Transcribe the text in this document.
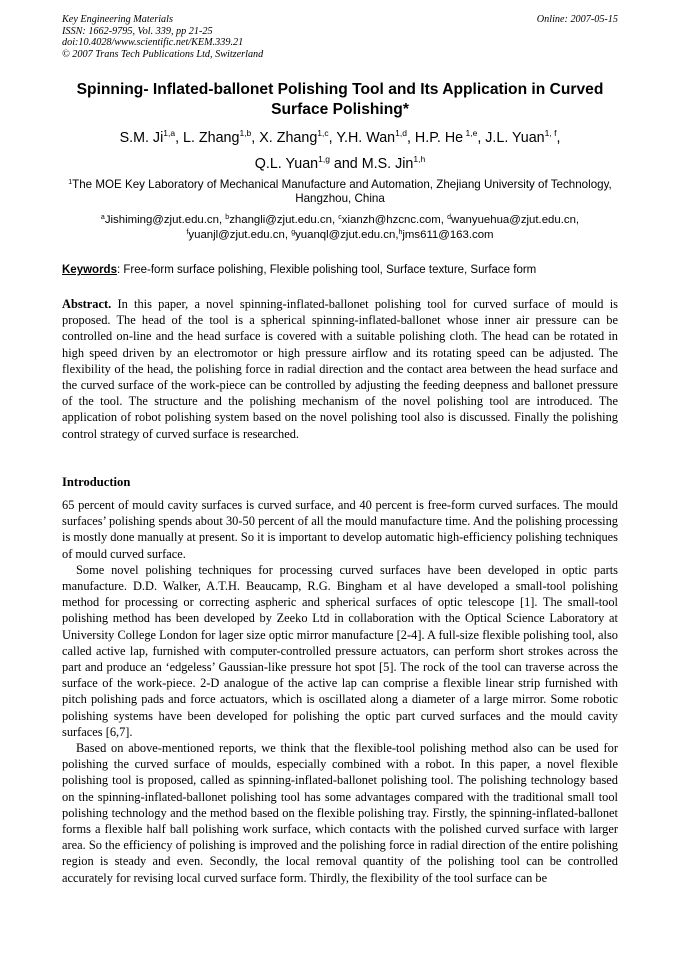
Key Engineering Materials
ISSN: 1662-9795, Vol. 339, pp 21-25
doi:10.4028/www.scientific.net/KEM.339.21
© 2007 Trans Tech Publications Ltd, Switzerland
Online: 2007-05-15
Spinning- Inflated-ballonet Polishing Tool and Its Application in Curved Surface Polishing*
S.M. Ji$^{1,a}$, L. Zhang$^{1,b}$, X. Zhang$^{1,c}$, Y.H. Wan$^{1,d}$, H.P. He $^{1,e}$, J.L. Yuan$^{1, f}$,
Q.L. Yuan$^{1,g}$ and M.S. Jin$^{1,h}$
$^1$The MOE Key Laboratory of Mechanical Manufacture and Automation, Zhejiang University of Technology, Hangzhou, China
$^a$Jishiming@zjut.edu.cn, $^b$zhangli@zjut.edu.cn, $^c$xianzh@hzcnc.com, $^d$wanyuehua@zjut.edu.cn,
$^f$yuanjl@zjut.edu.cn, $^g$yuanql@zjut.edu.cn,$^h$jms611@163.com
Keywords: Free-form surface polishing, Flexible polishing tool, Surface texture, Surface form
Abstract. In this paper, a novel spinning-inflated-ballonet polishing tool for curved surface of mould is proposed. The head of the tool is a spherical spinning-inflated-ballonet whose inner air pressure can be controlled on-line and the head surface is covered with a suitable polishing cloth. The head can be rotated in high speed driven by an electromotor or high pressure airflow and its rotating speed can be adjusted. The flexibility of the head, the polishing force in radial direction and the contact area between the head surface and the curved surface of the work-piece can be controlled by adjusting the feeding deepness and ballonet pressure of the tool. The structure and the polishing mechanism of the novel polishing tool are introduced. The application of robot polishing system based on the novel polishing tool also is discussed. Finally the polishing control strategy of curved surface is researched.
Introduction

65 percent of mould cavity surfaces is curved surface, and 40 percent is free-form curved surfaces. The mould surfaces’ polishing spends about 30-50 percent of all the mould manufacture time. And the polishing processing is mostly done manually at present. So it is important to develop automatic high-efficiency polishing techniques of mould curved surface.

Some novel polishing techniques for processing curved surfaces have been developed in optic parts manufacture. D.D. Walker, A.T.H. Beaucamp, R.G. Bingham et al have developed a small-tool polishing method for processing or correcting aspheric and spherical surfaces of optic telescope [1]. The small-tool polishing method has been developed by Zeeko Ltd in collaboration with the Optical Science Laboratory at University College London for lager size optic mirror manufacture [2-4]. A full-size flexible polishing tool, also called active lap, furnished with computer-controlled pressure actuators, can perform short strokes across the part and produce an ‘edgeless’ Gaussian-like pressure hot spot [5]. The rock of the tool can traverse across the surface of the work-piece. 2-D analogue of the active lap can comprise a flexible linear strip furnished with pitch polishing pads and force actuators, which is oscillated along a diameter of a large mirror. Some robotic polishing systems have been developed for polishing the optic part curved surfaces and the mould cavity surfaces [6,7].

Based on above-mentioned reports, we think that the flexible-tool polishing method also can be used for polishing the curved surface of moulds, especially combined with a robot. In this paper, a novel flexible polishing tool is proposed, called as spinning-inflated-ballonet polishing tool. The polishing technology based on the spinning-inflated-ballonet polishing tool has some advantages compared with the traditional small tool polishing technology and the method based on the flexible polishing tray. Firstly, the spinning-inflated-ballonet forms a flexible half ball polishing work surface, which contacts with the polished curved surface with larger area. So the efficiency of polishing is improved and the polishing force in radial direction of the entire polishing region is steady and even. Secondly, the local removal quantity of the polishing tool can be controlled accurately for revising local curved surface form. Thirdly, the flexibility of the tool surface can be
